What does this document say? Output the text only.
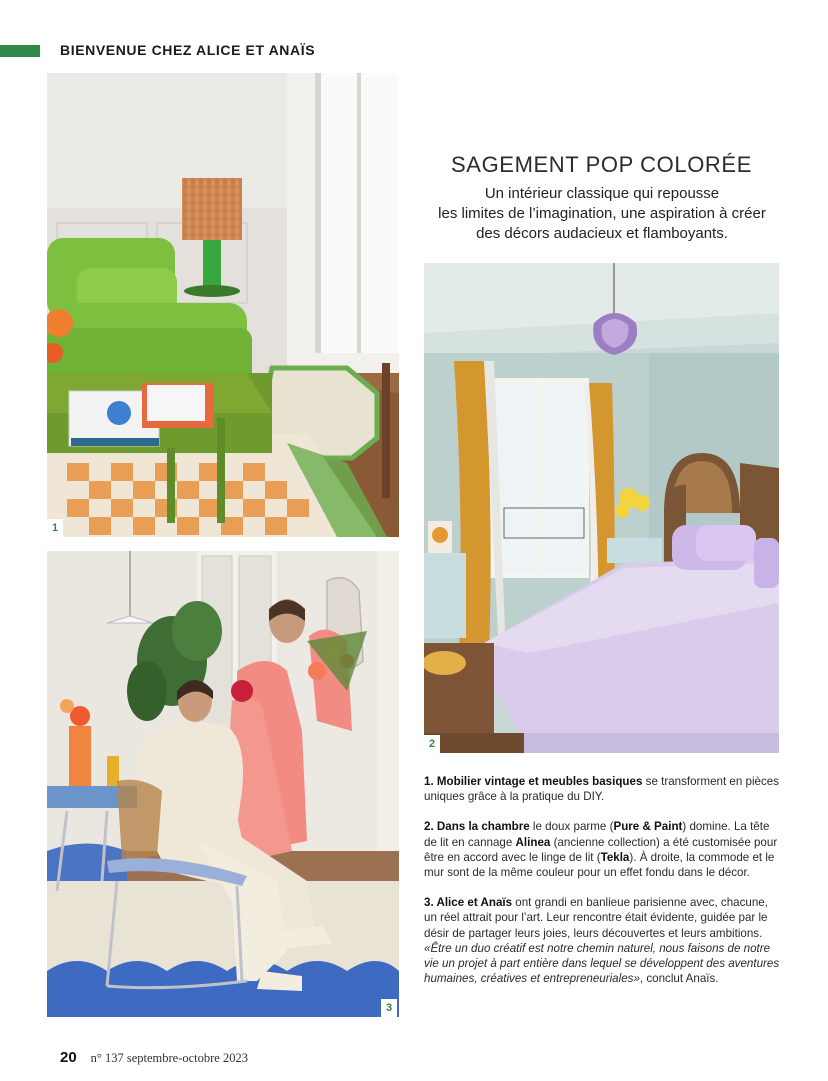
BIENVENUE CHEZ ALICE ET ANAÏS
1
SAGEMENT POP COLORÉE
Un intérieur classique qui repousse
les limites de l’imagination, une aspiration à créer
des décors audacieux et flamboyants.
2
3

1. Mobilier vintage et meubles basiques se transforment en pièces uniques grâce à la pratique du DIY.

2. Dans la chambre le doux parme (Pure & Paint) domine. La tête de lit en cannage Alinea (ancienne collection) a été customisée pour être en accord avec le linge de lit (Tekla). À droite, la commode et le mur sont de la même couleur pour un effet fondu dans le décor.

3. Alice et Anaïs ont grandi en banlieue parisienne avec, chacune, un réel attrait pour l’art. Leur rencontre était évidente, guidée par le désir de partager leurs joies, leurs découvertes et leurs ambitions. «Être un duo créatif est notre chemin naturel, nous faisons de notre vie un projet à part entière dans lequel se développent des aventures humaines, créatives et entrepreneuriales», conclut Anaïs.

20 n° 137 septembre-octobre 2023
